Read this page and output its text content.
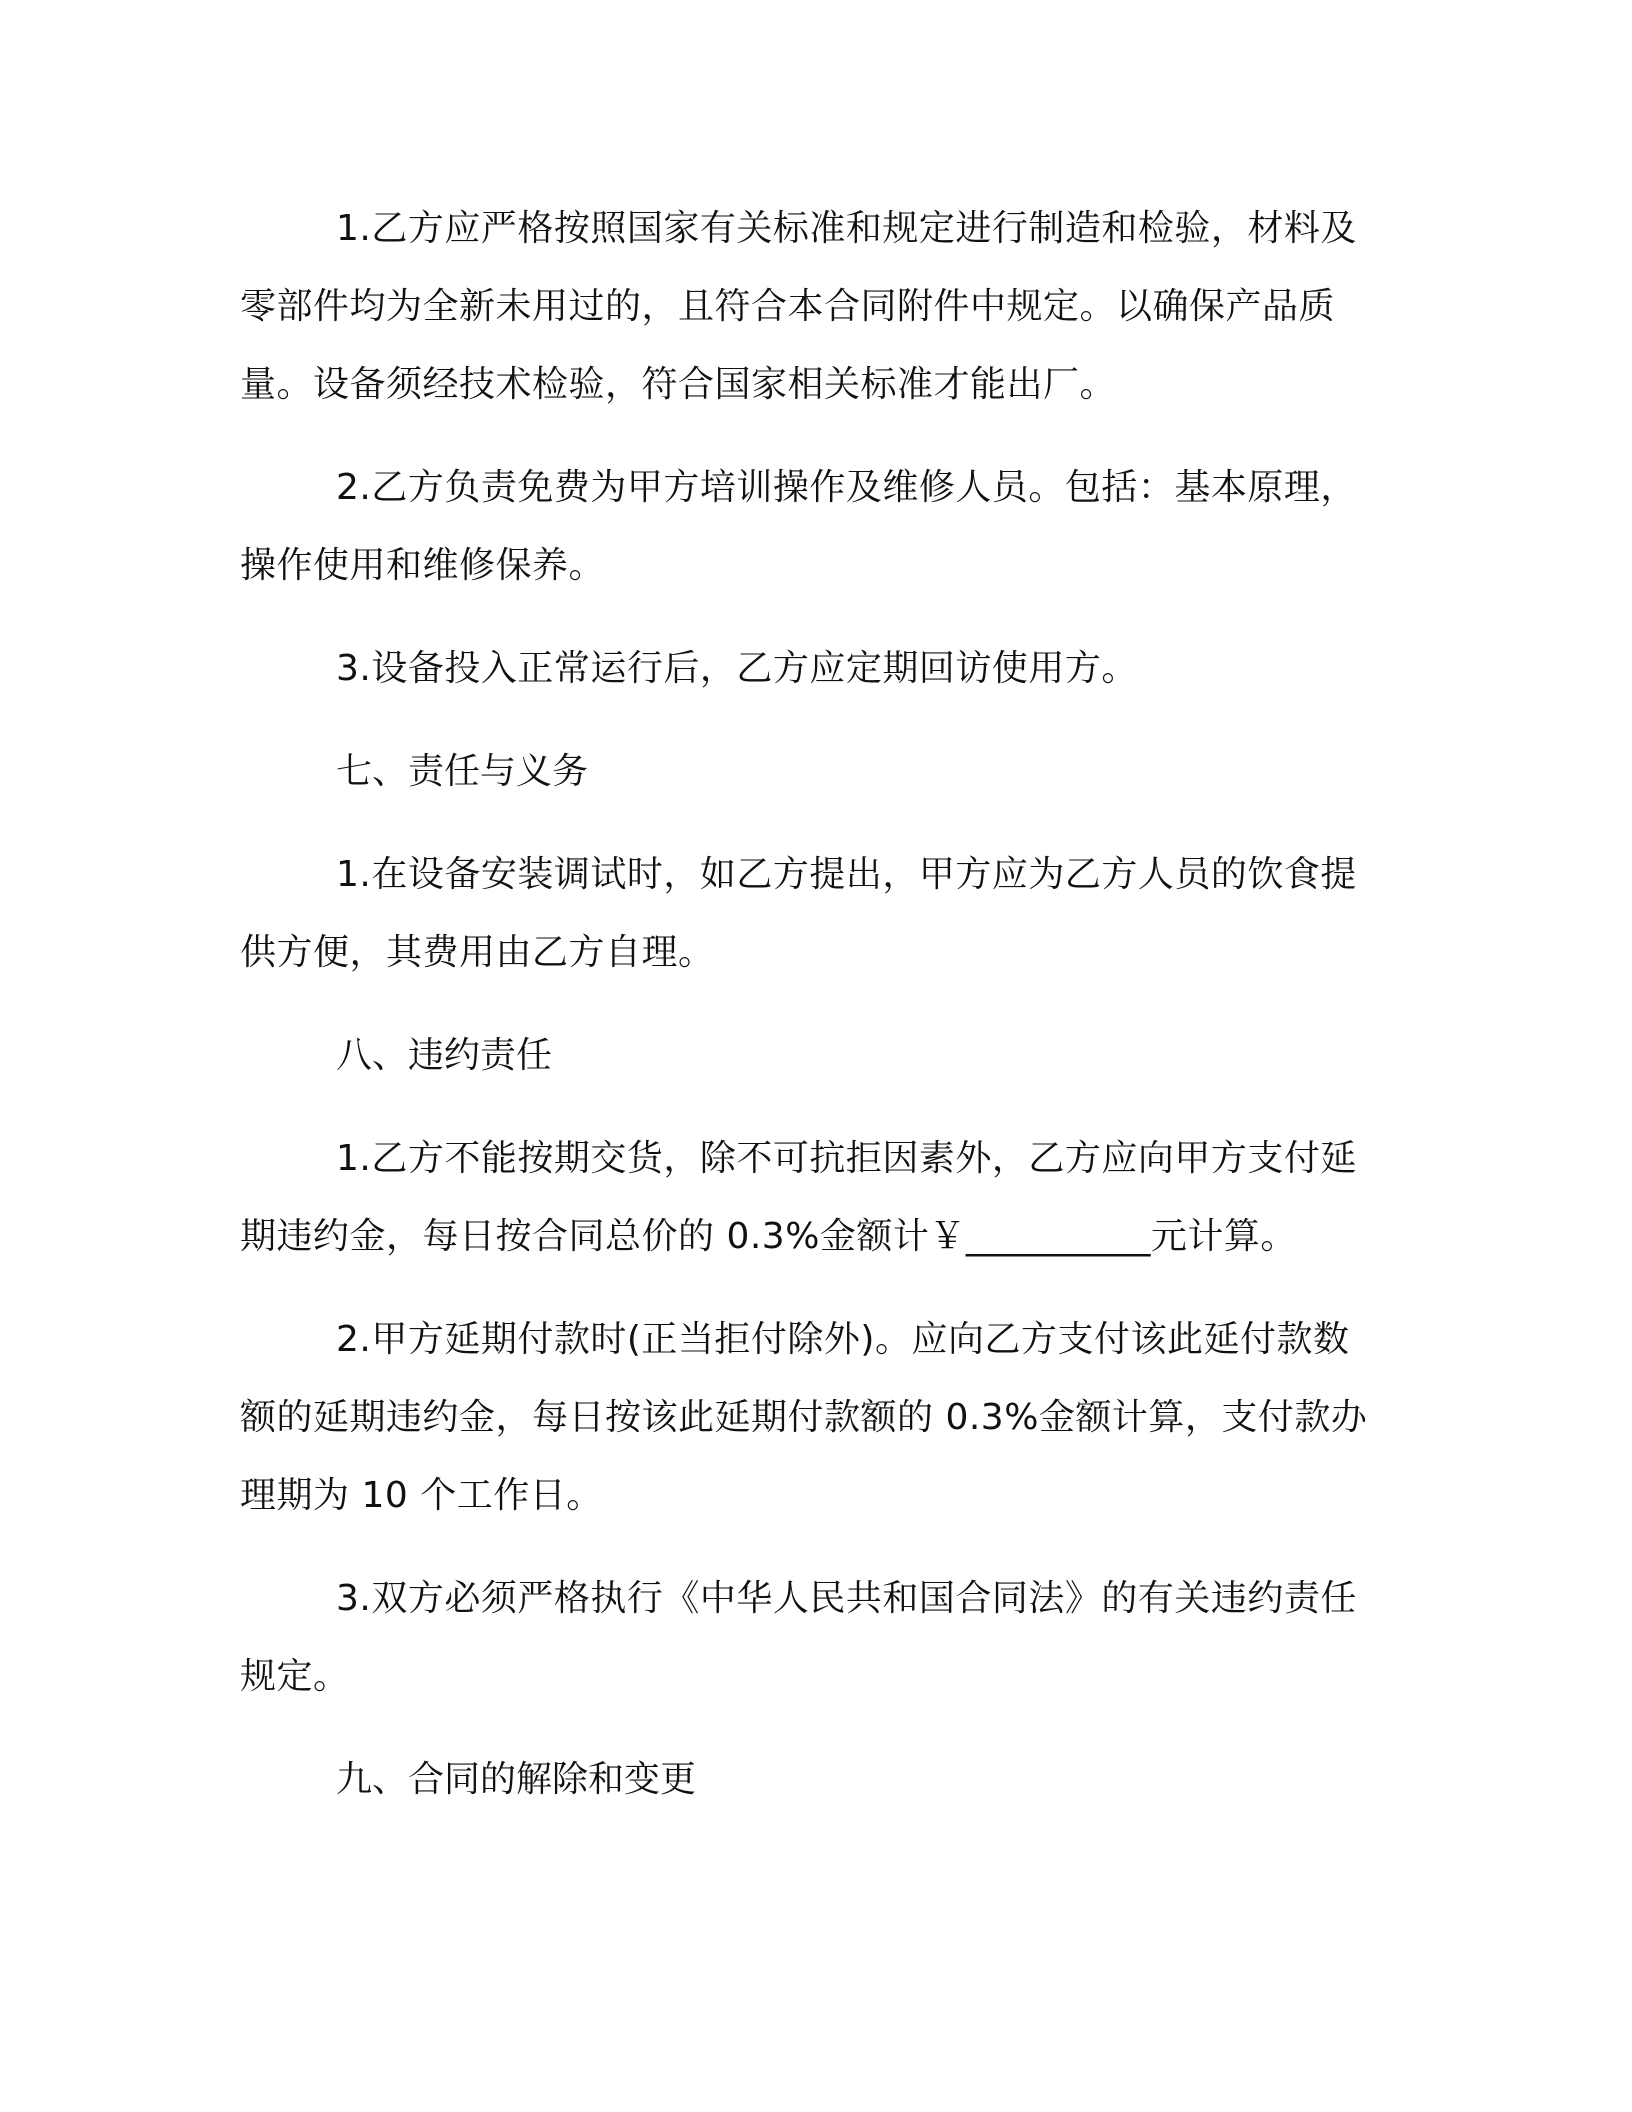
1.乙方应严格按照国家有关标准和规定进行制造和检验，材料及零部件均为全新未用过的，且符合本合同附件中规定。以确保产品质量。设备须经技术检验，符合国家相关标准才能出厂。

2.乙方负责免费为甲方培训操作及维修人员。包括：基本原理，操作使用和维修保养。

3.设备投入正常运行后，乙方应定期回访使用方。

七、责任与义务

1.在设备安装调试时，如乙方提出，甲方应为乙方人员的饮食提供方便，其费用由乙方自理。

八、违约责任

1.乙方不能按期交货，除不可抗拒因素外，乙方应向甲方支付延期违约金，每日按合同总价的 0.3%金额计￥__________元计算。

2.甲方延期付款时(正当拒付除外)。应向乙方支付该此延付款数额的延期违约金，每日按该此延期付款额的 0.3%金额计算，支付款办理期为 10 个工作日。

3.双方必须严格执行《中华人民共和国合同法》的有关违约责任规定。

九、合同的解除和变更
